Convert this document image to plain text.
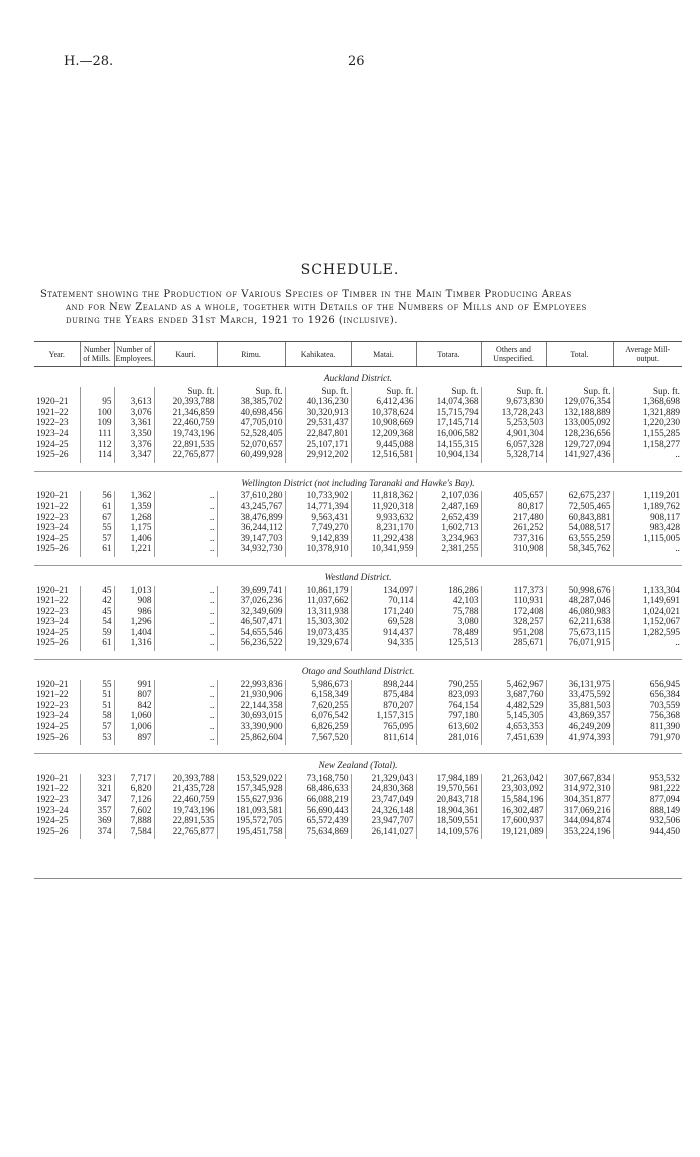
H.—28.	26
SCHEDULE.
Statement showing the Production of Various Species of Timber in the Main Timber Producing Areas
and for New Zealand as a whole, together with Details of the Numbers of Mills and of Employees
during the Years ended 31st March, 1921 to 1926 (inclusive).
Year.	Number of Mills.	Number of Employees.	Kauri.	Rimu.	Kahikatea.	Matai.	Totara.	Others and Unspecified.	Total.	Average Mill-output.
Auckland District.										
			Sup. ft.	Sup. ft.	Sup. ft.	Sup. ft.	Sup. ft.	Sup. ft.	Sup. ft.	Sup. ft.
1920–21	95	3,613	20,393,788	38,385,702	40,136,230	6,412,436	14,074,368	9,673,830	129,076,354	1,368,698
1921–22	100	3,076	21,346,859	40,698,456	30,320,913	10,378,624	15,715,794	13,728,243	132,188,889	1,321,889
1922–23	109	3,361	22,460,759	47,705,010	29,531,437	10,908,669	17,145,714	5,253,503	133,005,092	1,220,230
1923–24	111	3,350	19,743,196	52,528,405	22,847,801	12,209,368	16,006,582	4,901,304	128,236,656	1,155,285
1924–25	112	3,376	22,891,535	52,070,657	25,107,171	9,445,088	14,155,315	6,057,328	129,727,094	1,158,277
1925–26	114	3,347	22,765,877	60,499,928	29,912,202	12,516,581	10,904,134	5,328,714	141,927,436	..

Wellington District (not including Taranaki and Hawke's Bay).										
1920–21	56	1,362	..	37,610,280	10,733,902	11,818,362	2,107,036	405,657	62,675,237	1,119,201
1921–22	61	1,359	..	43,245,767	14,771,394	11,920,318	2,487,169	80,817	72,505,465	1,189,762
1922–23	67	1,268	..	38,476,899	9,563,431	9,933,632	2,652,439	217,480	60,843,881	908,117
1923–24	55	1,175	..	36,244,112	7,749,270	8,231,170	1,602,713	261,252	54,088,517	983,428
1924–25	57	1,406	..	39,147,703	9,142,839	11,292,438	3,234,963	737,316	63,555,259	1,115,005
1925–26	61	1,221	..	34,932,730	10,378,910	10,341,959	2,381,255	310,908	58,345,762	..

Westland District.										
1920–21	45	1,013	..	39,699,741	10,861,179	134,097	186,286	117,373	50,998,676	1,133,304
1921–22	42	908	..	37,026,236	11,037,662	70,114	42,103	110,931	48,287,046	1,149,691
1922–23	45	986	..	32,349,609	13,311,938	171,240	75,788	172,408	46,080,983	1,024,021
1923–24	54	1,296	..	46,507,471	15,303,302	69,528	3,080	328,257	62,211,638	1,152,067
1924–25	59	1,404	..	54,655,546	19,073,435	914,437	78,489	951,208	75,673,115	1,282,595
1925–26	61	1,316	..	56,236,522	19,329,674	94,335	125,513	285,671	76,071,915	..

Otago and Southland District.										
1920–21	55	991	..	22,993,836	5,986,673	898,244	790,255	5,462,967	36,131,975	656,945
1921–22	51	807	..	21,930,906	6,158,349	875,484	823,093	3,687,760	33,475,592	656,384
1922–23	51	842	..	22,144,358	7,620,255	870,207	764,154	4,482,529	35,881,503	703,559
1923–24	58	1,060	..	30,693,015	6,076,542	1,157,315	797,180	5,145,305	43,869,357	756,368
1924–25	57	1,006	..	33,390,900	6,826,259	765,095	613,602	4,653,353	46,249,209	811,390
1925–26	53	897	..	25,862,604	7,567,520	811,614	281,016	7,451,639	41,974,393	791,970

New Zealand (Total).										
1920–21	323	7,717	20,393,788	153,529,022	73,168,750	21,329,043	17,984,189	21,263,042	307,667,834	953,532
1921–22	321	6,820	21,435,728	157,345,928	68,486,633	24,830,368	19,570,561	23,303,092	314,972,310	981,222
1922–23	347	7,126	22,460,759	155,627,936	66,088,219	23,747,049	20,843,718	15,584,196	304,351,877	877,094
1923–24	357	7,602	19,743,196	181,093,581	56,690,443	24,326,148	18,904,361	16,302,487	317,069,216	888,149
1924–25	369	7,888	22,891,535	195,572,705	65,572,439	23,947,707	18,509,551	17,600,937	344,094,874	932,506
1925–26	374	7,584	22,765,877	195,451,758	75,634,869	26,141,027	14,109,576	19,121,089	353,224,196	944,450
